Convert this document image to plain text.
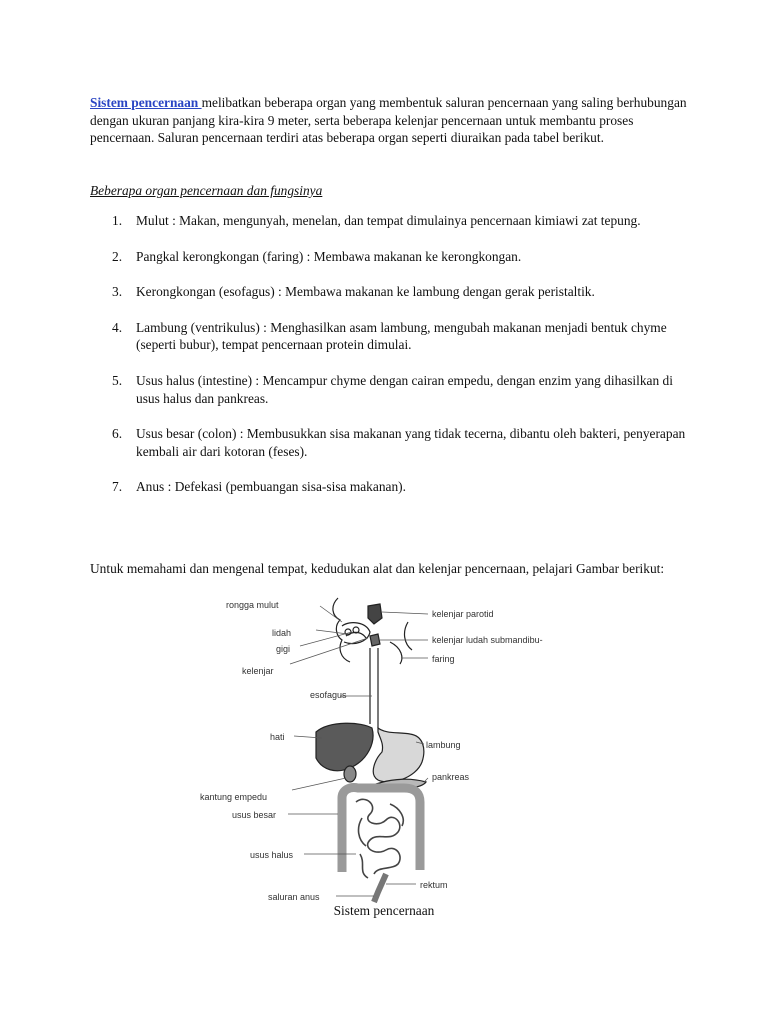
Sistem pencernaan melibatkan beberapa organ yang membentuk saluran pencernaan yang saling berhubungan dengan ukuran panjang kira-kira 9 meter, serta beberapa kelenjar pencernaan untuk membantu proses pencernaan. Saluran pencernaan terdiri atas beberapa organ seperti diuraikan pada tabel berikut.

Beberapa organ pencernaan dan fungsinya

1. Mulut : Makan, mengunyah, menelan, dan tempat dimulainya pencernaan kimiawi zat tepung.
2. Pangkal kerongkongan (faring) : Membawa makanan ke kerongkongan.
3. Kerongkongan (esofagus) : Membawa makanan ke lambung dengan gerak peristaltik.
4. Lambung (ventrikulus) : Menghasilkan asam lambung, mengubah makanan menjadi bentuk chyme (seperti bubur), tempat pencernaan protein dimulai.
5. Usus halus (intestine) : Mencampur chyme dengan cairan empedu, dengan enzim yang dihasilkan di usus halus dan pankreas.
6. Usus besar (colon) : Membusukkan sisa makanan yang tidak tecerna, dibantu oleh bakteri, penyerapan kembali air dari kotoran (feses).
7. Anus : Defekasi (pembuangan sisa-sisa makanan).

Untuk memahami dan mengenal tempat, kedudukan alat dan kelenjar pencernaan, pelajari Gambar berikut:

rongga mulut
lidah
gigi
kelenjar
esofagus
hati
kantung empedu
usus besar
usus halus
saluran anus
kelenjar parotid
kelenjar ludah submandibu-
faring
lambung
pankreas
rektum

Sistem pencernaan
